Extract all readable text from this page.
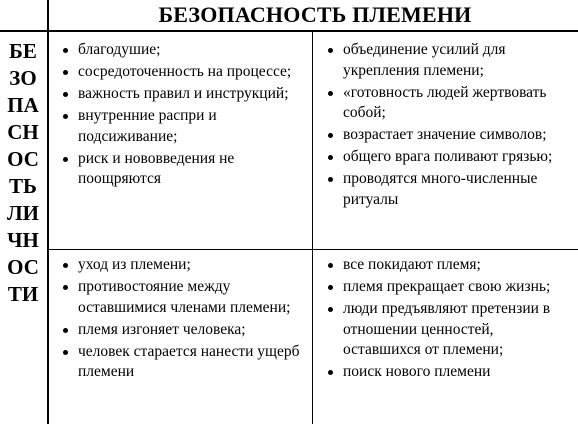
БЕЗОПАСНОСТЬ ПЛЕМЕНИ
БЕ
ЗО
ПА
СН
ОС
ТЬ
ЛИ
ЧН
ОС
ТИ
благодушие;
сосредоточенность на процессе;
важность правил и инструкций;
внутренние распри и подсиживание;
риск и нововведения не поощряются
объединение усилий для укрепления племени;
«готовность людей жертвовать собой;
возрастает значение символов;
общего врага поливают грязью;
проводятся много-численные ритуалы
уход из племени;
противостояние между оставшимися членами племени;
племя изгоняет человека;
человек старается нанести ущерб племени
все покидают племя;
племя прекращает свою жизнь;
люди предъявляют претензии в отношении ценностей, оставшихся от племени;
поиск нового племени
